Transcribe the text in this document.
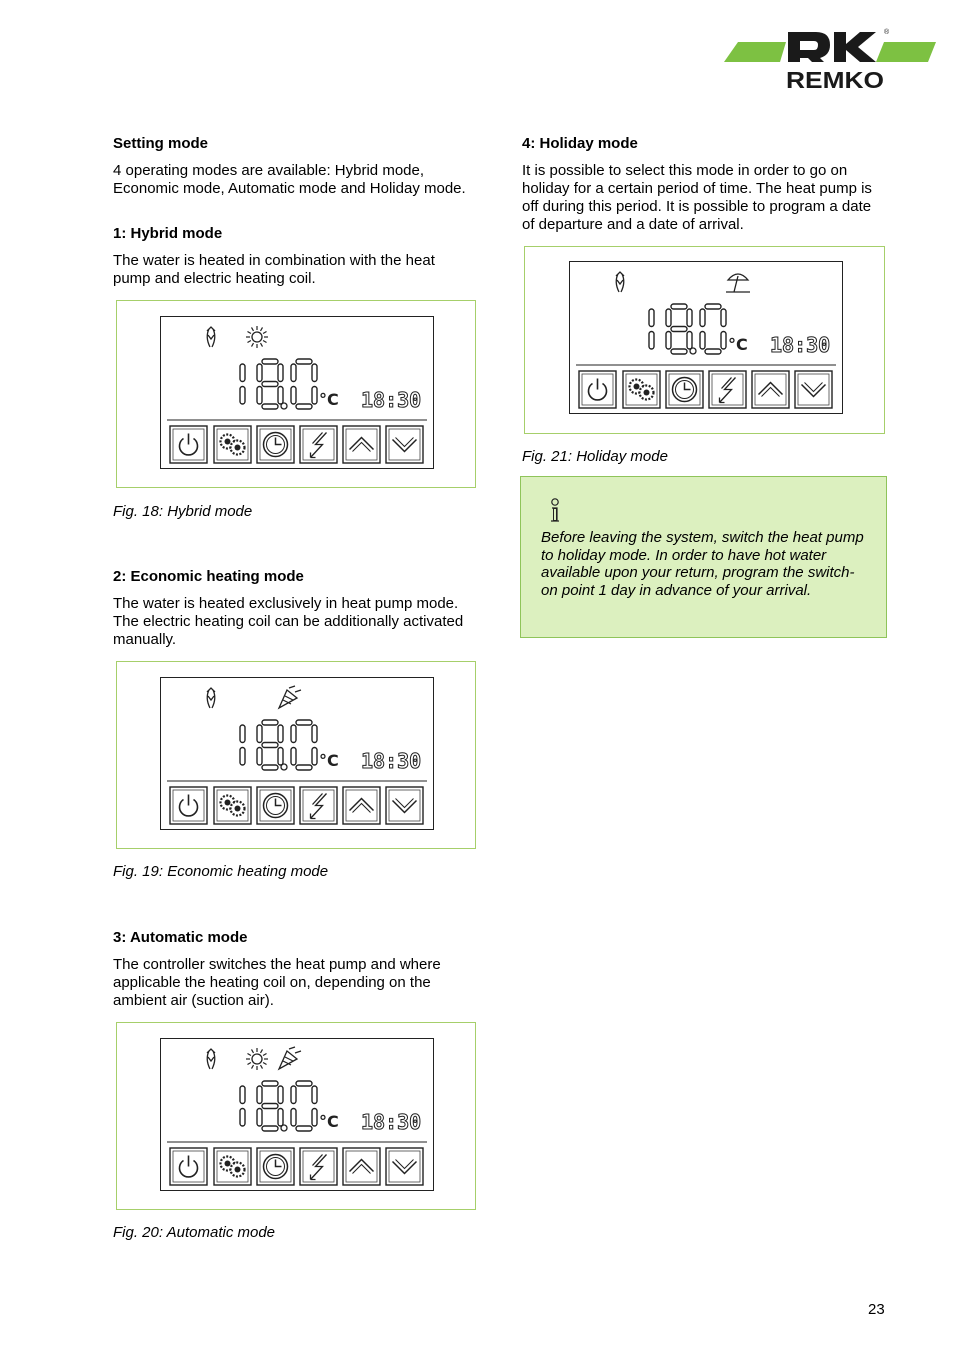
REMKO
®
Setting mode
4 operating modes are available: Hybrid mode, Economic mode, Automatic mode and Holiday mode.
1: Hybrid mode
The water is heated in combination with the heat pump and electric heating coil.
°C 18:30
Fig. 18: Hybrid mode
2: Economic heating mode
The water is heated exclusively in heat pump mode. The electric heating coil can be additionally activated manually.
°C 18:30
Fig. 19: Economic heating mode
3: Automatic mode
The controller switches the heat pump and where applicable the heating coil on, depending on the ambient air (suction air).
°C 18:30
Fig. 20: Automatic mode
4: Holiday mode
It is possible to select this mode in order to go on holiday for a certain period of time. The heat pump is off during this period. It is possible to program a date of departure and a date of arrival.
°C 18:30
Fig. 21: Holiday mode
Before leaving the system, switch the heat pump to holiday mode. In order to have hot water available upon your return, program the switch-on point 1 day in advance of your arrival.
23
